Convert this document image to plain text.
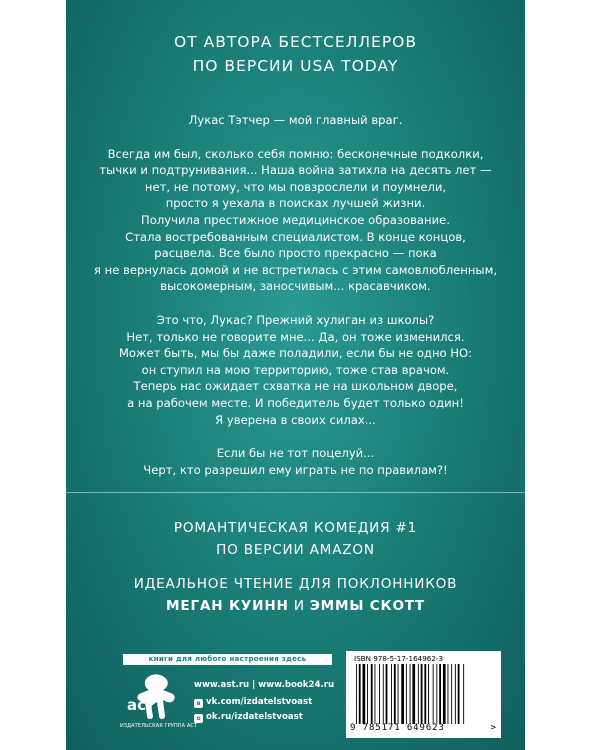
ОТ АВТОРА БЕСТСЕЛЛЕРОВ
ПО ВЕРСИИ USA TODAY

Лукас Тэтчер — мой главный враг.

Всегда им был, сколько себя помню: бесконечные подколки,
тычки и подтрунивания... Наша война затихла на десять лет —
нет, не потому, что мы повзрослели и поумнели,
просто я уехала в поисках лучшей жизни.
Получила престижное медицинское образование.
Стала востребованным специалистом. В конце концов,
расцвела. Все было просто прекрасно — пока
я не вернулась домой и не встретилась с этим самовлюбленным,
высокомерным, заносчивым... красавчиком.

Это что, Лукас? Прежний хулиган из школы?
Нет, только не говорите мне... Да, он тоже изменился.
Может быть, мы бы даже поладили, если бы не одно НО:
он ступил на мою территорию, тоже став врачом.
Теперь нас ожидает схватка не на школьном дворе,
а на рабочем месте. И победитель будет только один!
Я уверена в своих силах...

Если бы не тот поцелуй...
Черт, кто разрешил ему играть не по правилам?!

РОМАНТИЧЕСКАЯ КОМЕДИЯ #1
ПО ВЕРСИИ AMAZON
ИДЕАЛЬНОЕ ЧТЕНИЕ ДЛЯ ПОКЛОННИКОВ
МЕГАН КУИНН И ЭММЫ СКОТТ
книги для любого настроения здесь
аст
ИЗДАТЕЛЬСКАЯ ГРУППА АСТ
www.ast.ru | www.book24.ru
в vk.com/izdatelstvoast
о ok.ru/izdatelstvoast
ISBN 978-5-17-164962-3
9 785171 649623	>
